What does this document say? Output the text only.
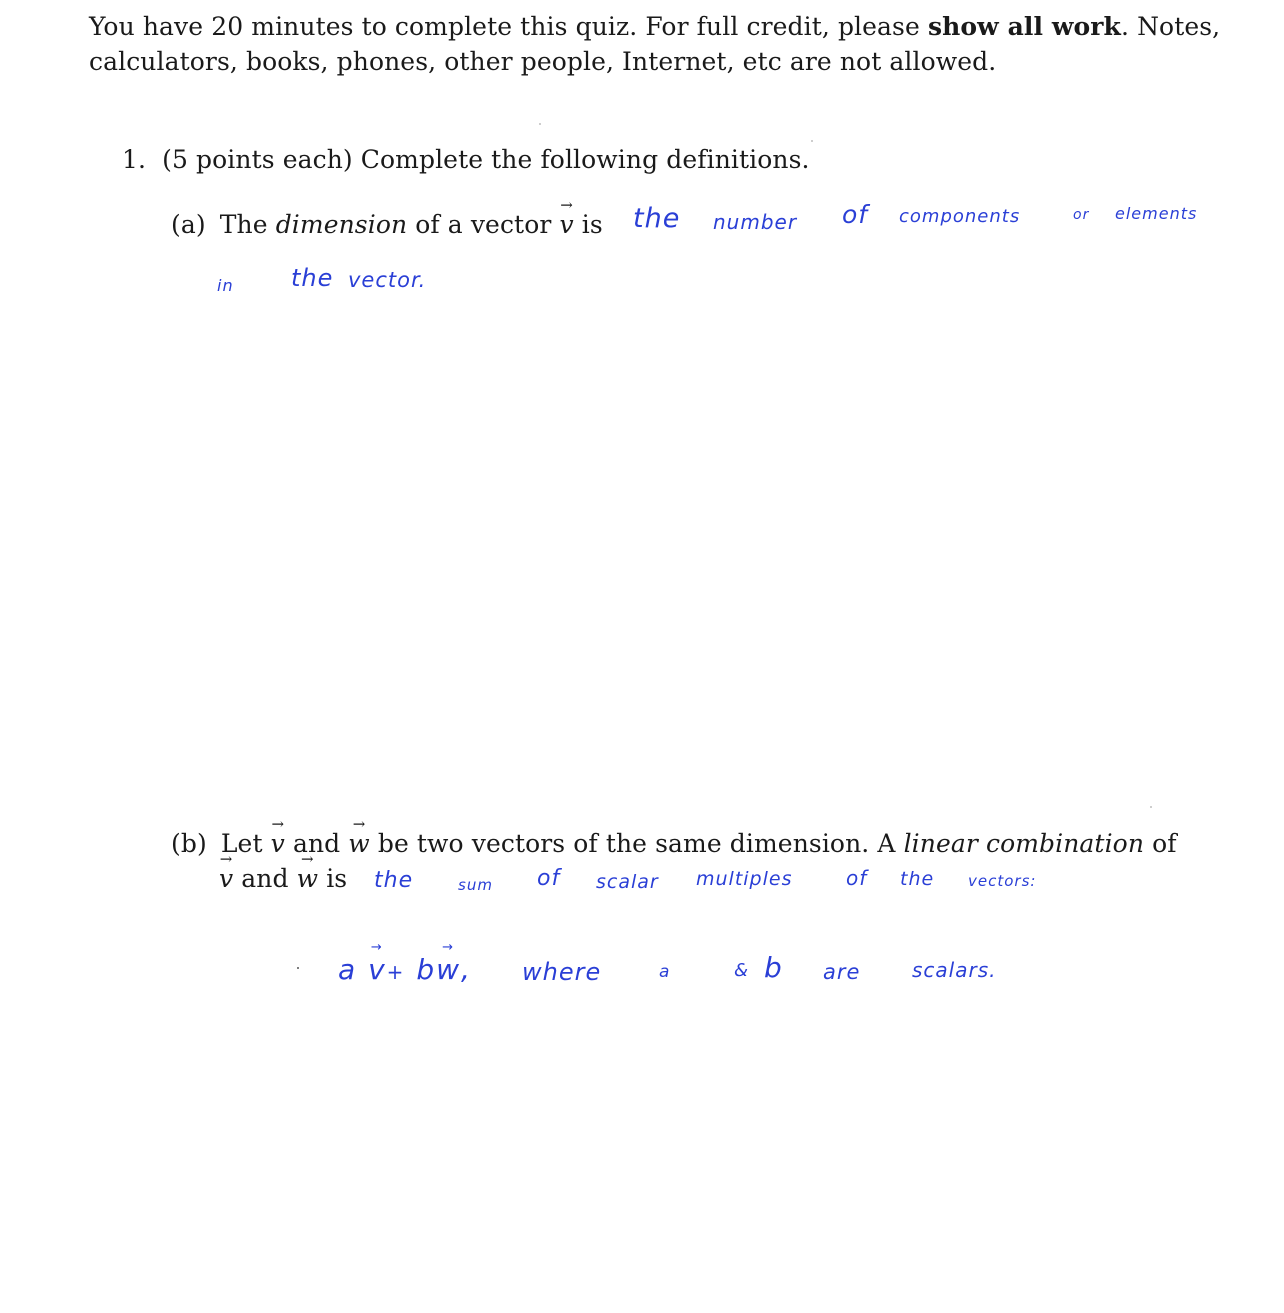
You have 20 minutes to complete this quiz. For full credit, please show all work. Notes,
calculators, books, phones, other people, Internet, etc are not allowed.
1. (5 points each) Complete the following definitions.
(a) The dimension of a vector v → is the number of components	or elements
in the vector.
(b) Let v → and w → be two vectors of the same dimension. A linear combination of
v → and w → is the	sum of scalar multiples	of the vectors:
a v →+ bw →, where	a	& b are	scalars.
